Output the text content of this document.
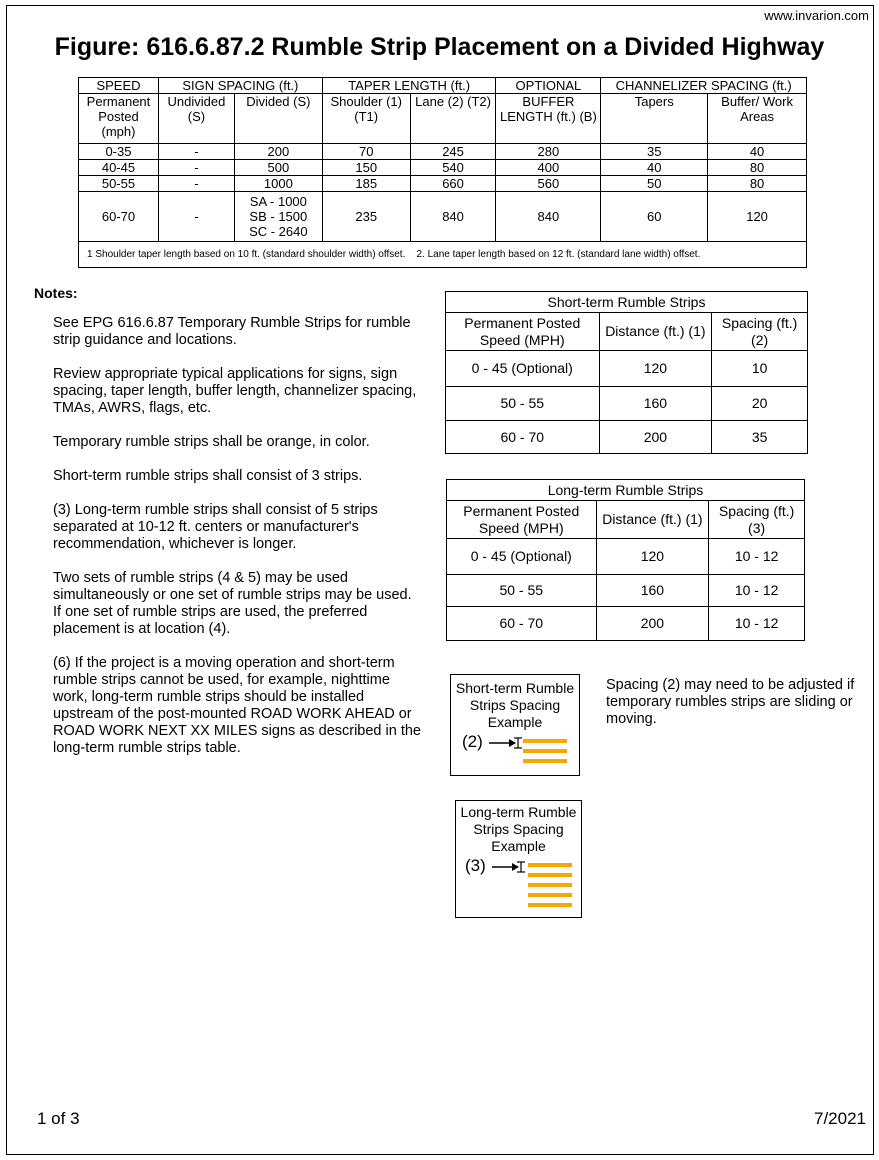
www.invarion.com
Figure: 616.6.87.2 Rumble Strip Placement on a Divided Highway
SPEED	SIGN SPACING (ft.)		TAPER LENGTH (ft.)		OPTIONAL	CHANNELIZER SPACING (ft.)	
Permanent Posted (mph)	Undivided (S)	Divided (S)	Shoulder (1) (T1)	Lane (2) (T2)	BUFFER LENGTH (ft.) (B)	Tapers	Buffer/ Work Areas
0-35	-	200	70	245	280	35	40
40-45	-	500	150	540	400	40	80
50-55	-	1000	185	660	560	50	80
60-70	-	SA - 1000
SB - 1500
SC - 2640	235	840	840	60	120
1 Shoulder taper length based on 10 ft. (standard shoulder width) offset.    2. Lane taper length based on 12 ft. (standard lane width) offset.							
Notes:

See EPG 616.6.87 Temporary Rumble Strips for rumble strip guidance and locations.

Review appropriate typical applications for signs, sign spacing, taper length, buffer length, channelizer spacing, TMAs, AWRS, flags, etc.

Temporary rumble strips shall be orange, in color.

Short-term rumble strips shall consist of 3 strips.

(3) Long-term rumble strips shall consist of 5 strips separated at 10-12 ft. centers or manufacturer's recommendation, whichever is longer.

Two sets of rumble strips (4 & 5) may be used simultaneously or one set of rumble strips may be used. If one set of rumble strips are used, the preferred placement is at location (4).

(6) If the project is a moving operation and short-term rumble strips cannot be used, for example, nighttime work, long-term rumble strips should be installed upstream of the post-mounted ROAD WORK AHEAD or ROAD WORK NEXT XX MILES signs as described in the long-term rumble strips table.

Short-term Rumble Strips		
Permanent Posted Speed (MPH)	Distance (ft.) (1)	Spacing (ft.) (2)
0 - 45 (Optional)	120	10
50 - 55	160	20
60 - 70	200	35
Long-term Rumble Strips		
Permanent Posted Speed (MPH)	Distance (ft.) (1)	Spacing (ft.) (3)
0 - 45 (Optional)	120	10 - 12
50 - 55	160	10 - 12
60 - 70	200	10 - 12
Short-term Rumble Strips Spacing Example
(2)
Long-term Rumble Strips Spacing Example
(3)
Spacing (2) may need to be adjusted if temporary rumbles strips are sliding or moving.
1 of 3	7/2021
